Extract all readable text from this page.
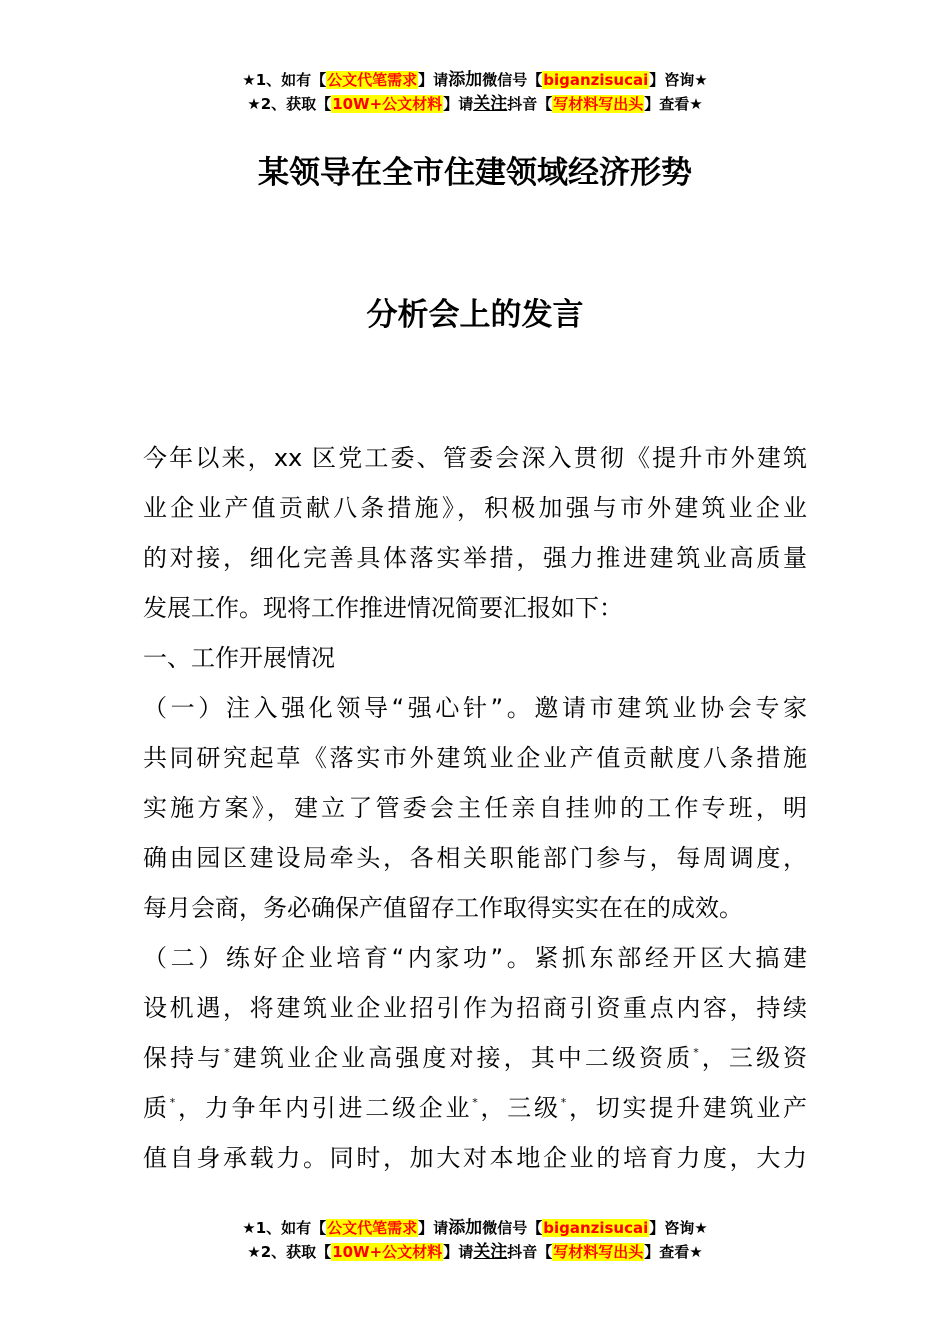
★1、如有【公文代笔需求】请添加微信号【biganzisucai】咨询★
★2、获取【10W+公文材料】请关注抖音【写材料写出头】查看★
某领导在全市住建领域经济形势
分析会上的发言
今年以来，xx 区党工委、管委会深入贯彻《提升市外建筑
业企业产值贡献八条措施》，积极加强与市外建筑业企业
的对接，细化完善具体落实举措，强力推进建筑业高质量
发展工作。现将工作推进情况简要汇报如下：
一、工作开展情况
（一）注入强化领导“强心针”。邀请市建筑业协会专家
共同研究起草《落实市外建筑业企业产值贡献度八条措施
实施方案》，建立了管委会主任亲自挂帅的工作专班，明
确由园区建设局牵头，各相关职能部门参与，每周调度，
每月会商，务必确保产值留存工作取得实实在在的成效。
（二）练好企业培育“内家功”。紧抓东部经开区大搞建
设机遇，将建筑业企业招引作为招商引资重点内容，持续
保持与*建筑业企业高强度对接，其中二级资质*，三级资
质*，力争年内引进二级企业*，三级*，切实提升建筑业产
值自身承载力。同时，加大对本地企业的培育力度，大力
★1、如有【公文代笔需求】请添加微信号【biganzisucai】咨询★
★2、获取【10W+公文材料】请关注抖音【写材料写出头】查看★
